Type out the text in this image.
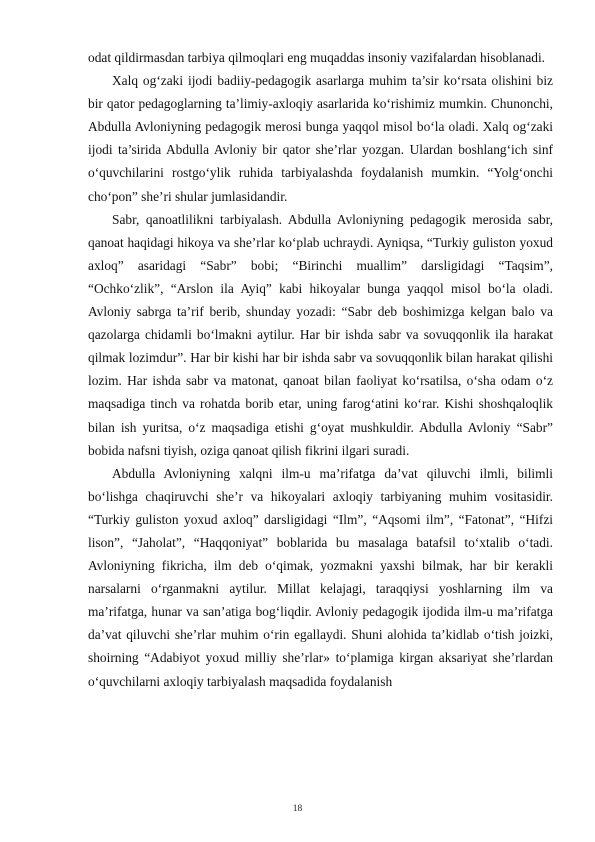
odat qildirmasdan tarbiya qilmoqlari eng muqaddas insoniy vazifalardan hisoblanadi.

Xalq og‘zaki ijodi badiiy-pedagogik asarlarga muhim ta’sir ko‘rsata olishini biz bir qator pedagoglarning ta’limiy-axloqiy asarlarida ko‘rishimiz mumkin. Chunonchi, Abdulla Avloniyning pedagogik merosi bunga yaqqol misol bo‘la oladi. Xalq og‘zaki ijodi ta’sirida Abdulla Avloniy bir qator she’rlar yozgan. Ulardan boshlang‘ich sinf o‘quvchilarini rostgo‘ylik ruhida tarbiyalashda foydalanish mumkin. “Yolg‘onchi cho‘pon” she’ri shular jumlasidandir.

Sabr, qanoatlilikni tarbiyalash. Abdulla Avloniyning pedagogik merosida sabr, qanoat haqidagi hikoya va she’rlar ko‘plab uchraydi. Ayniqsa, “Turkiy guliston yoxud axloq” asaridagi “Sabr” bobi; “Birinchi muallim” darsligidagi “Taqsim”, “Ochko‘zlik”, “Arslon ila Ayiq” kabi hikoyalar bunga yaqqol misol bo‘la oladi. Avloniy sabrga ta’rif berib, shunday yozadi: “Sabr deb boshimizga kelgan balo va qazolarga chidamli bo‘lmakni aytilur. Har bir ishda sabr va sovuqqonlik ila harakat qilmak lozimdur”. Har bir kishi har bir ishda sabr va sovuqqonlik bilan harakat qilishi lozim. Har ishda sabr va matonat, qanoat bilan faoliyat ko‘rsatilsa, o‘sha odam o‘z maqsadiga tinch va rohatda borib etar, uning farog‘atini ko‘rar. Kishi shoshqaloqlik bilan ish yuritsa, o‘z maqsadiga etishi g‘oyat mushkuldir. Abdulla Avloniy “Sabr” bobida nafsni tiyish, oziga qanoat qilish fikrini ilgari suradi.

Abdulla Avloniyning xalqni ilm-u ma’rifatga da’vat qiluvchi ilmli, bilimli bo‘lishga chaqiruvchi she’r va hikoyalari axloqiy tarbiyaning muhim vositasidir. “Turkiy guliston yoxud axloq” darsligidagi “Ilm”, “Aqsomi ilm”, “Fatonat”, “Hifzi lison”, “Jaholat”, “Haqqoniyat” boblarida bu masalaga batafsil to‘xtalib o‘tadi. Avloniyning fikricha, ilm deb o‘qimak, yozmakni yaxshi bilmak, har bir kerakli narsalarni o‘rganmakni aytilur. Millat kelajagi, taraqqiysi yoshlarning ilm va ma’rifatga, hunar va san’atiga bog‘liqdir. Avloniy pedagogik ijodida ilm-u ma’rifatga da’vat qiluvchi she’rlar muhim o‘rin egallaydi. Shuni alohida ta’kidlab o‘tish joizki, shoirning “Adabiyot yoxud milliy she’rlar» to‘plamiga kirgan aksariyat she’rlardan o‘quvchilarni axloqiy tarbiyalash maqsadida foydalanish

18
